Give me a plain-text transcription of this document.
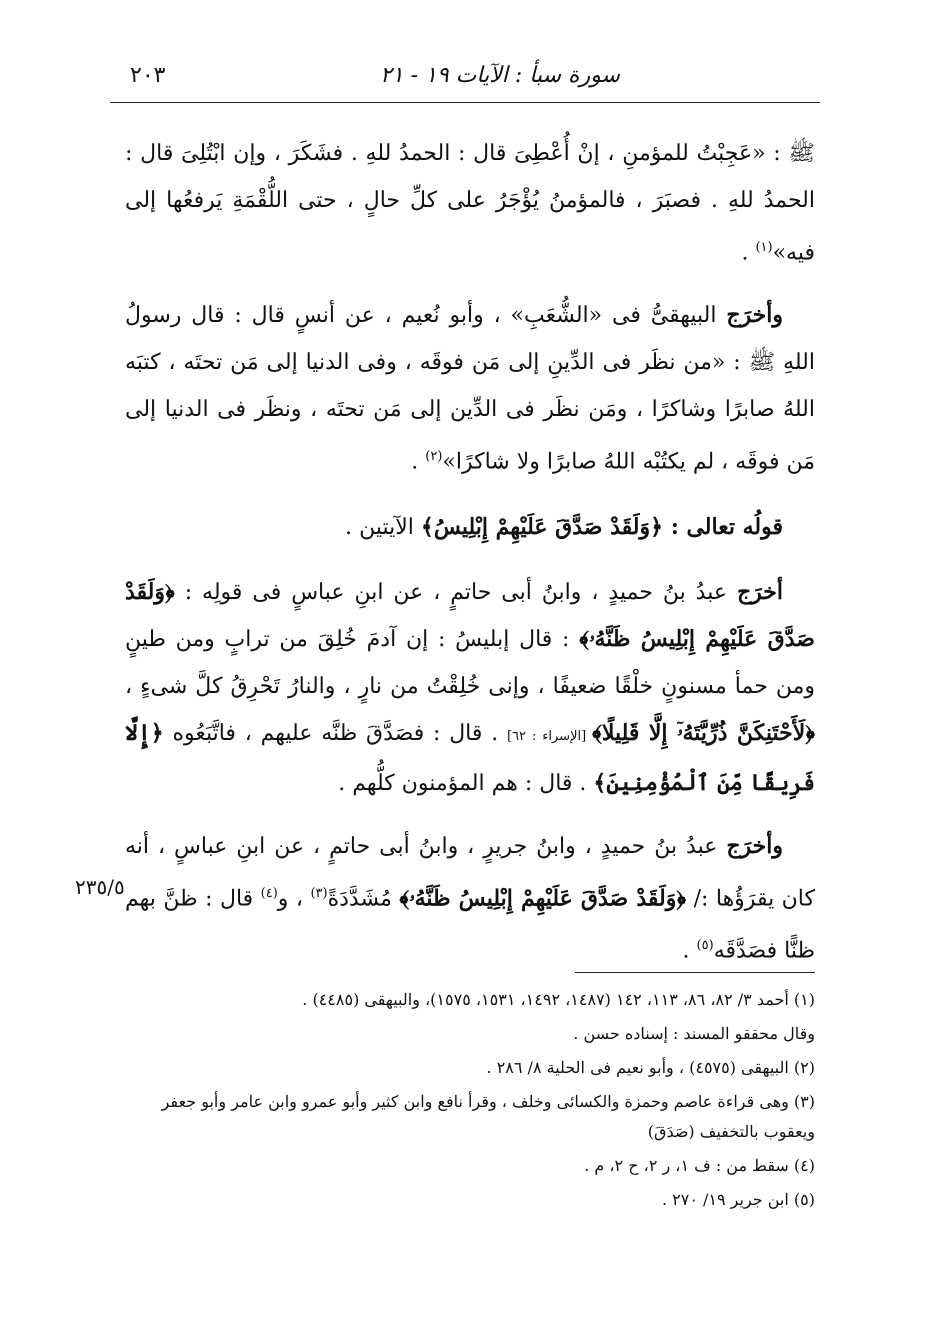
سورة سبأ : الآيات ١٩ - ٢١
٢٠٣

ﷺ : «عَجِبْتُ للمؤمنِ ، إنْ أُعْطِىَ قال : الحمدُ للهِ . فشَكَرَ ، وإن ابْتُلِىَ قال : الحمدُ للهِ . فصبَرَ ، فالمؤمنُ يُؤْجَرُ على كلِّ حالٍ ، حتى اللُّقْمَةِ يَرفعُها إلى فيه»$^{(١)}$ .

وأخرَج البيهقىُّ فى «الشُّعَبِ» ، وأبو نُعيم ، عن أنسٍ قال : قال رسولُ اللهِ ﷺ : «من نظَر فى الدِّينِ إلى مَن فوقَه ، وفى الدنيا إلى مَن تحتَه ، كتبَه اللهُ صابرًا وشاكرًا ، ومَن نظَر فى الدِّين إلى مَن تحتَه ، ونظَر فى الدنيا إلى مَن فوقَه ، لم يكتُبْه اللهُ صابرًا ولا شاكرًا»$^{(٢)}$ .

قولُه تعالى : ﴿وَلَقَدْ صَدَّقَ عَلَيْهِمْ إِبْلِيسُ﴾ الآيتين .

أخرَج عبدُ بنُ حميدٍ ، وابنُ أبى حاتمٍ ، عن ابنِ عباسٍ فى قولِه : ﴿وَلَقَدْ صَدَّقَ عَلَيْهِمْ إِبْلِيسُ ظَنَّهُۥ﴾ : قال إبليسُ : إن آدمَ خُلِقَ من ترابٍ ومن طينٍ ومن حمأ مسنونٍ خلْقًا ضعيفًا ، وإنى خُلِقْتُ من نارٍ ، والنارُ تَحْرِقُ كلَّ شىءٍ ، ﴿لَأَحْتَنِكَنَّ ذُرِّيَّتَهُۥٓ إِلَّا قَلِيلًا﴾ [الإسراء : ٦٢] . قال : فصَدَّقَ ظنَّه عليهم ، فاتَّبَعُوه ﴿إِلَّا فَرِيقًا مِّنَ ٱلْمُؤْمِنِينَ﴾ . قال : هم المؤمنون كلُّهم .

وأخرَج عبدُ بنُ حميدٍ ، وابنُ جريرٍ ، وابنُ أبى حاتمٍ ، عن ابنِ عباسٍ ، أنه كان يقرَؤُها :/ ﴿وَلَقَدْ صَدَّقَ عَلَيْهِمْ إِبْلِيسُ ظَنَّهُۥ﴾ مُشَدَّدَةً$^{(٣)}$ ، و$^{(٤)}$ قال : ظنَّ بهم ظنًّا فصَدَّقَه$^{(٥)}$ .

٢٣٥/٥
(١) أحمد ٣/ ٨٢، ٨٦، ١١٣، ١٤٢ (١٤٨٧، ١٤٩٢، ١٥٣١، ١٥٧٥)، والبيهقى (٤٤٨٥) .
وقال محققو المسند : إسناده حسن .
(٢) البيهقى (٤٥٧٥) ، وأبو نعيم فى الحلية ٨/ ٢٨٦ .
(٣) وهى قراءة عاصم وحمزة والكسائى وخلف ، وقرأ نافع وابن كثير وأبو عمرو وابن عامر وأبو جعفر ويعقوب بالتخفيف (صَدَقَ)
(٤) سقط من : ف ١، ر ٢، ح ٢، م .
(٥) ابن جرير ١٩/ ٢٧٠ .
